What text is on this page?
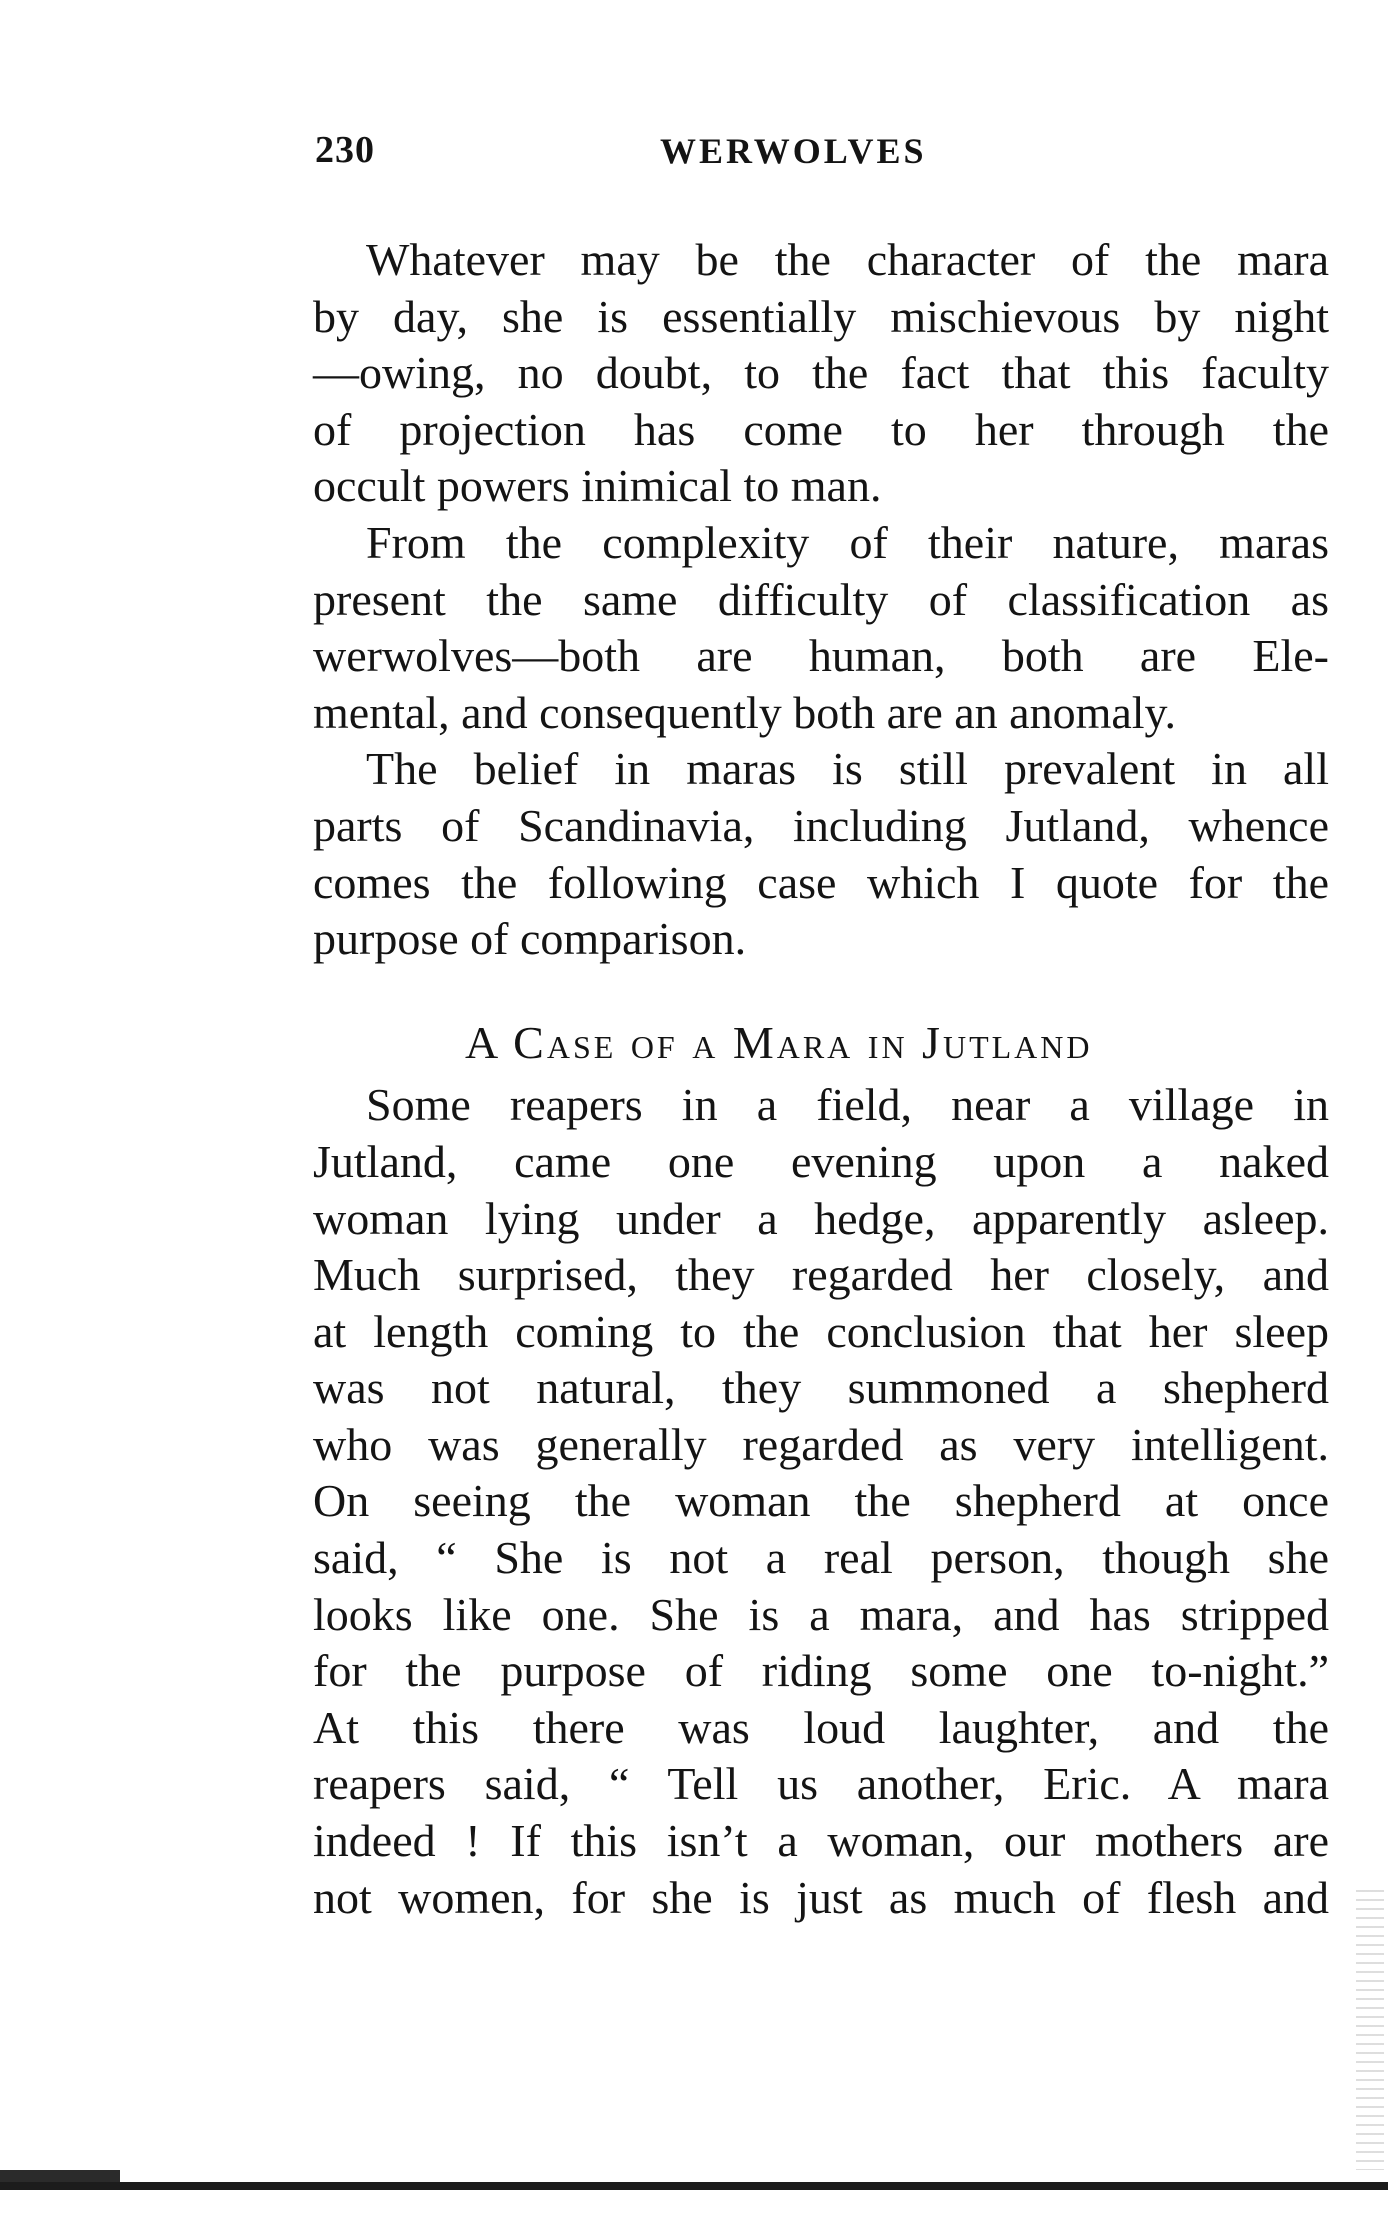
230	WERWOLVES
Whatever may be the character of the mara
by day, she is essentially mischievous by night
—owing, no doubt, to the fact that this faculty
of projection has come to her through the
occult powers inimical to man.
From the complexity of their nature, maras
present the same difficulty of classification as
werwolves—both are human, both are Ele-
mental, and consequently both are an anomaly.
The belief in maras is still prevalent in all
parts of Scandinavia, including Jutland, whence
comes the following case which I quote for the
purpose of comparison.
A Case of a Mara in Jutland
Some reapers in a field, near a village in
Jutland, came one evening upon a naked
woman lying under a hedge, apparently asleep.
Much surprised, they regarded her closely, and
at length coming to the conclusion that her sleep
was not natural, they summoned a shepherd
who was generally regarded as very intelligent.
On seeing the woman the shepherd at once
said, “ She is not a real person, though she
looks like one. She is a mara, and has stripped
for the purpose of riding some one to-night.”
At this there was loud laughter, and the
reapers said, “ Tell us another, Eric. A mara
indeed ! If this isn’t a woman, our mothers are
not women, for she is just as much of flesh and
